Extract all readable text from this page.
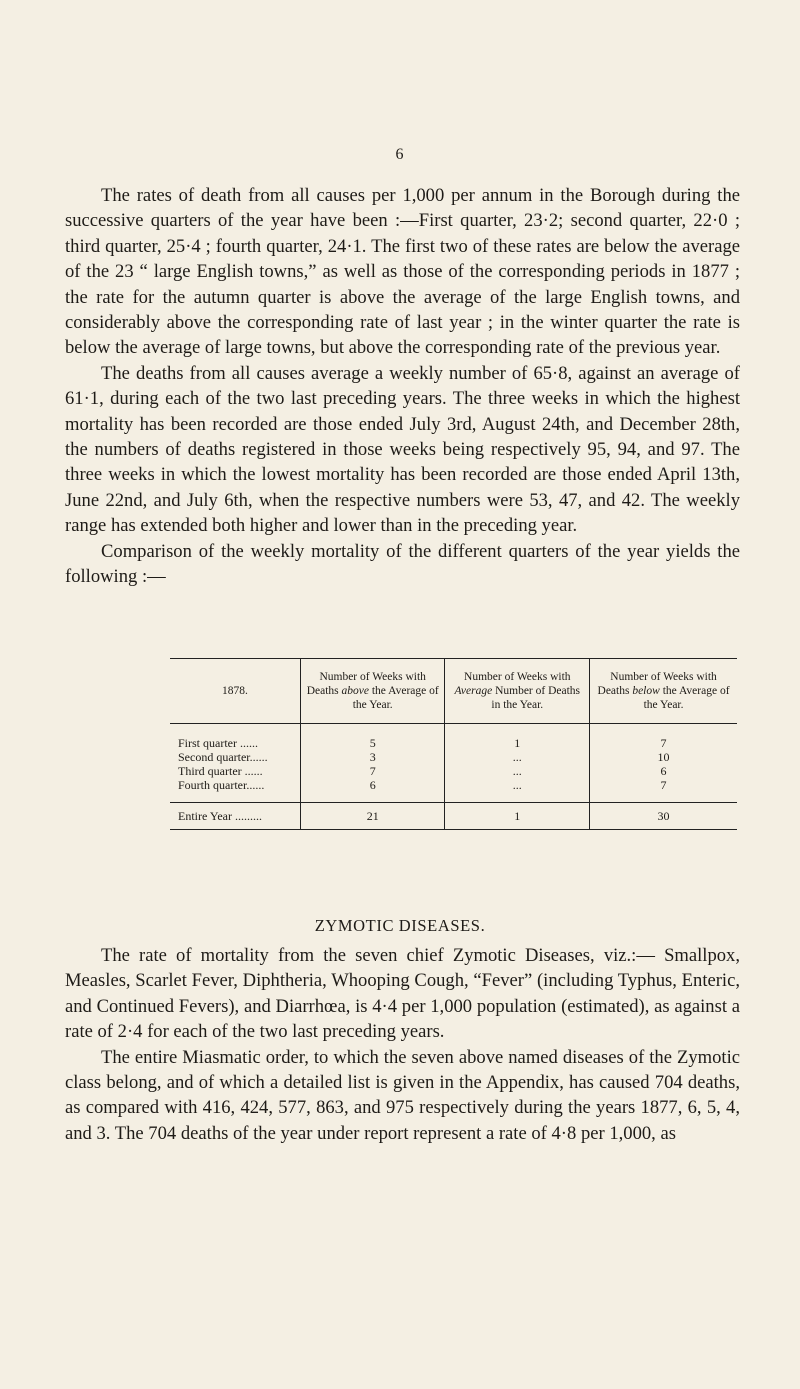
6

The rates of death from all causes per 1,000 per annum in the Borough during the successive quarters of the year have been :—First quarter, 23·2; second quarter, 22·0 ; third quarter, 25·4 ; fourth quarter, 24·1. The first two of these rates are below the average of the 23 “ large English towns,” as well as those of the corresponding periods in 1877 ; the rate for the autumn quarter is above the average of the large English towns, and considerably above the corresponding rate of last year ; in the winter quarter the rate is below the average of large towns, but above the corresponding rate of the previous year.

The deaths from all causes average a weekly number of 65·8, against an average of 61·1, during each of the two last preceding years. The three weeks in which the highest mortality has been recorded are those ended July 3rd, August 24th, and December 28th, the numbers of deaths registered in those weeks being respectively 95, 94, and 97. The three weeks in which the lowest mortality has been recorded are those ended April 13th, June 22nd, and July 6th, when the respective numbers were 53, 47, and 42. The weekly range has extended both higher and lower than in the preceding year.

Comparison of the weekly mortality of the different quarters of the year yields the following :—

1878.	Number of Weeks with Deaths above the Average of the Year.	Number of Weeks with Average Number of Deaths in the Year.	Number of Weeks with Deaths below the Average of the Year.
First quarter ......	5	1	7
Second quarter......	3	...	10
Third quarter ......	7	...	6
Fourth quarter......	6	...	7
Entire Year .........	21	1	30
ZYMOTIC DISEASES.

The rate of mortality from the seven chief Zymotic Diseases, viz.:— Smallpox, Measles, Scarlet Fever, Diphtheria, Whooping Cough, “Fever” (including Typhus, Enteric, and Continued Fevers), and Diarrhœa, is 4·4 per 1,000 population (estimated), as against a rate of 2·4 for each of the two last preceding years.

The entire Miasmatic order, to which the seven above named diseases of the Zymotic class belong, and of which a detailed list is given in the Appendix, has caused 704 deaths, as compared with 416, 424, 577, 863, and 975 respectively during the years 1877, 6, 5, 4, and 3. The 704 deaths of the year under report represent a rate of 4·8 per 1,000, as
